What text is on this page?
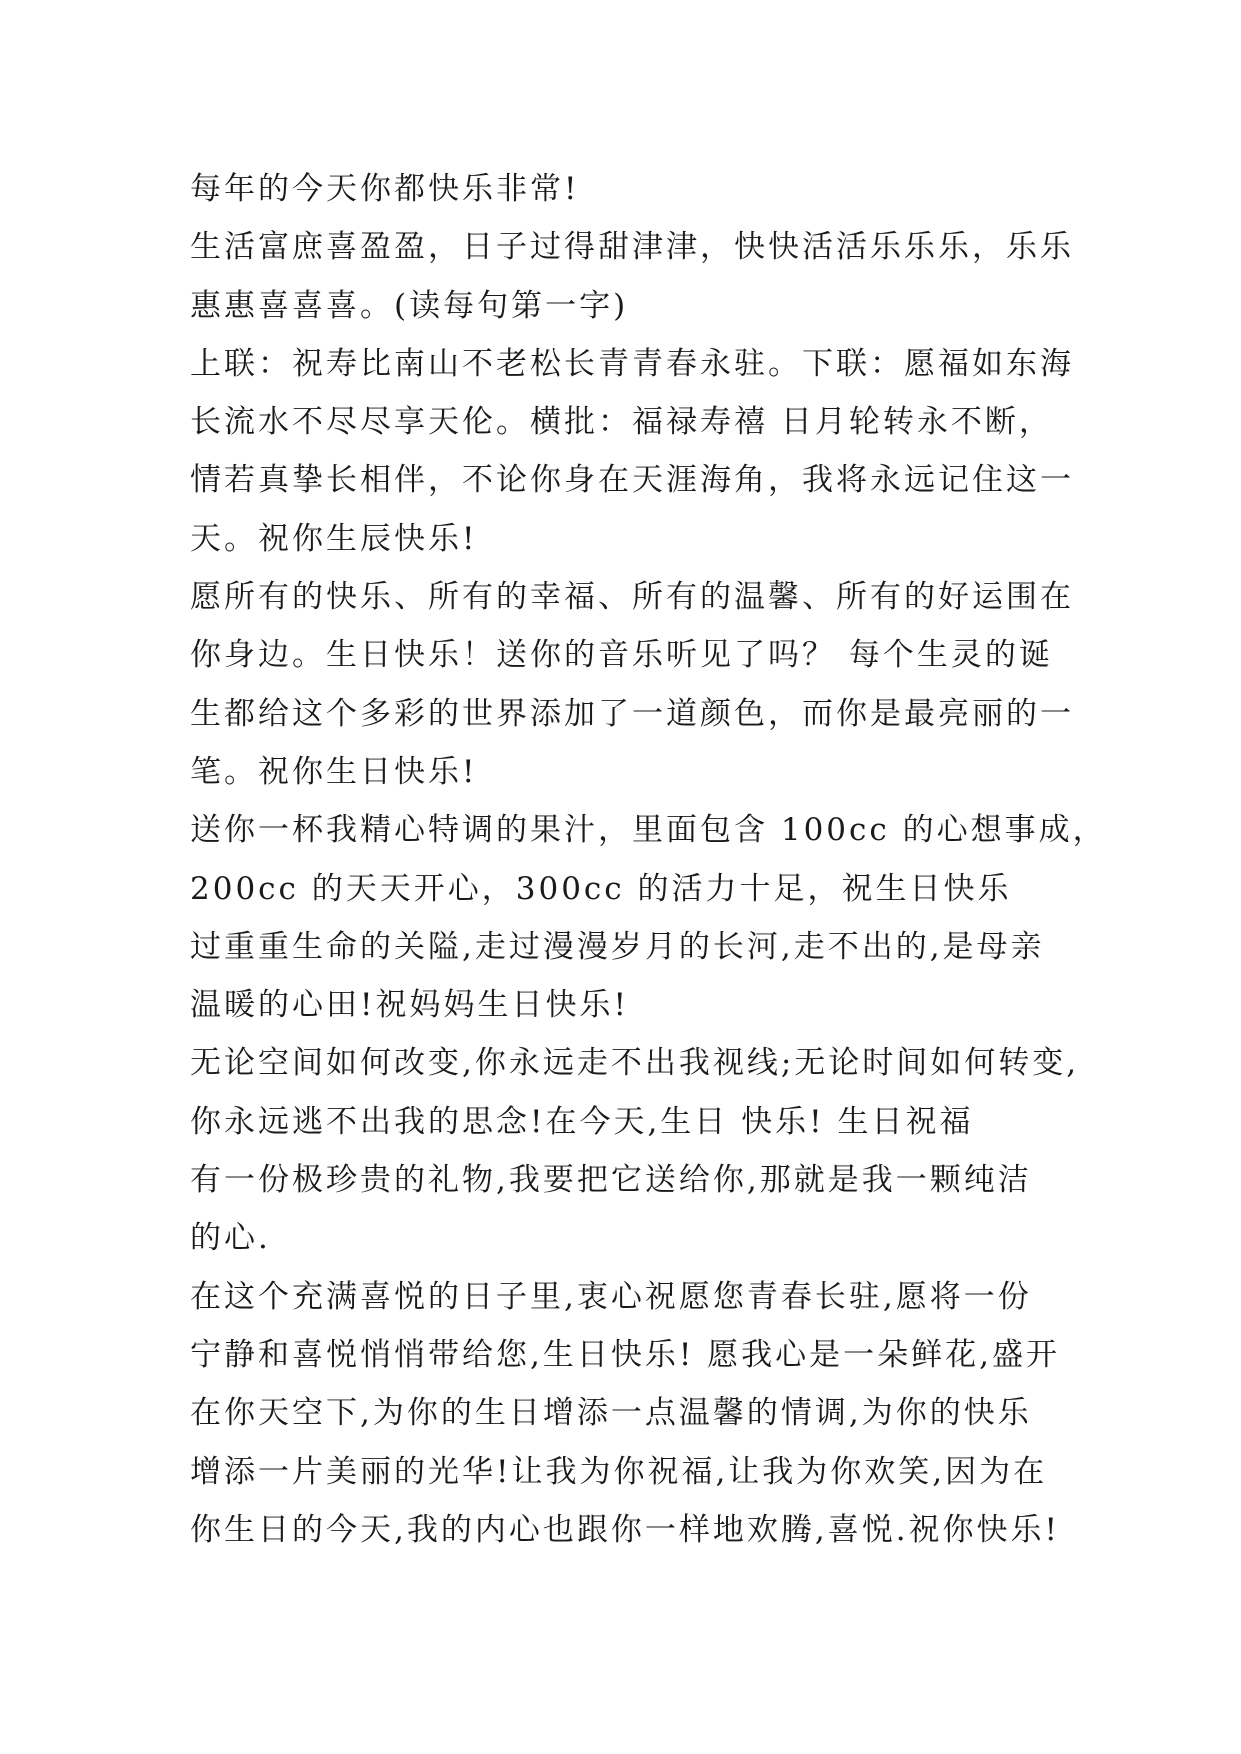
每年的今天你都快乐非常!
生活富庶喜盈盈，日子过得甜津津，快快活活乐乐乐，乐乐
惠惠喜喜喜。(读每句第一字)
上联：祝寿比南山不老松长青青春永驻。下联：愿福如东海
长流水不尽尽享天伦。横批：福禄寿禧 日月轮转永不断，
情若真挚长相伴，不论你身在天涯海角，我将永远记住这一
天。祝你生辰快乐!
愿所有的快乐、所有的幸福、所有的温馨、所有的好运围在
你身边。生日快乐！送你的音乐听见了吗？ 每个生灵的诞
生都给这个多彩的世界添加了一道颜色，而你是最亮丽的一
笔。祝你生日快乐!
送你一杯我精心特调的果汁，里面包含 100cc 的心想事成，
200cc 的天天开心，300cc 的活力十足，祝生日快乐
过重重生命的关隘,走过漫漫岁月的长河,走不出的,是母亲
温暖的心田!祝妈妈生日快乐!
无论空间如何改变,你永远走不出我视线;无论时间如何转变,
你永远逃不出我的思念!在今天,生日 快乐! 生日祝福
有一份极珍贵的礼物,我要把它送给你,那就是我一颗纯洁
的心.
在这个充满喜悦的日子里,衷心祝愿您青春长驻,愿将一份
宁静和喜悦悄悄带给您,生日快乐! 愿我心是一朵鲜花,盛开
在你天空下,为你的生日增添一点温馨的情调,为你的快乐
增添一片美丽的光华!让我为你祝福,让我为你欢笑,因为在
你生日的今天,我的内心也跟你一样地欢腾,喜悦.祝你快乐!
